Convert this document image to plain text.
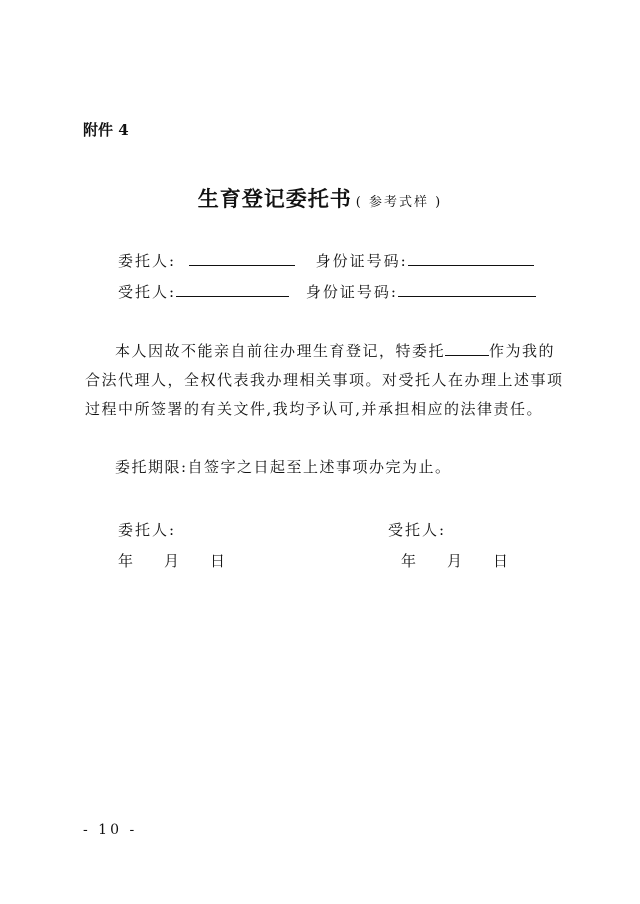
附件 4
生育登记委托书 ( 参考式样 )
委托人:	身份证号码:
受托人:	身份证号码:
本人因故不能亲自前往办理生育登记，特委托	作为我的合法代理人，全权代表我办理相关事项。对受托人在办理上述事项过程中所签署的有关文件,我均予认可,并承担相应的法律责任。
委托期限:自签字之日起至上述事项办完为止。
委托人:	受托人:
年　月　日	年　月　日
- 10 -
